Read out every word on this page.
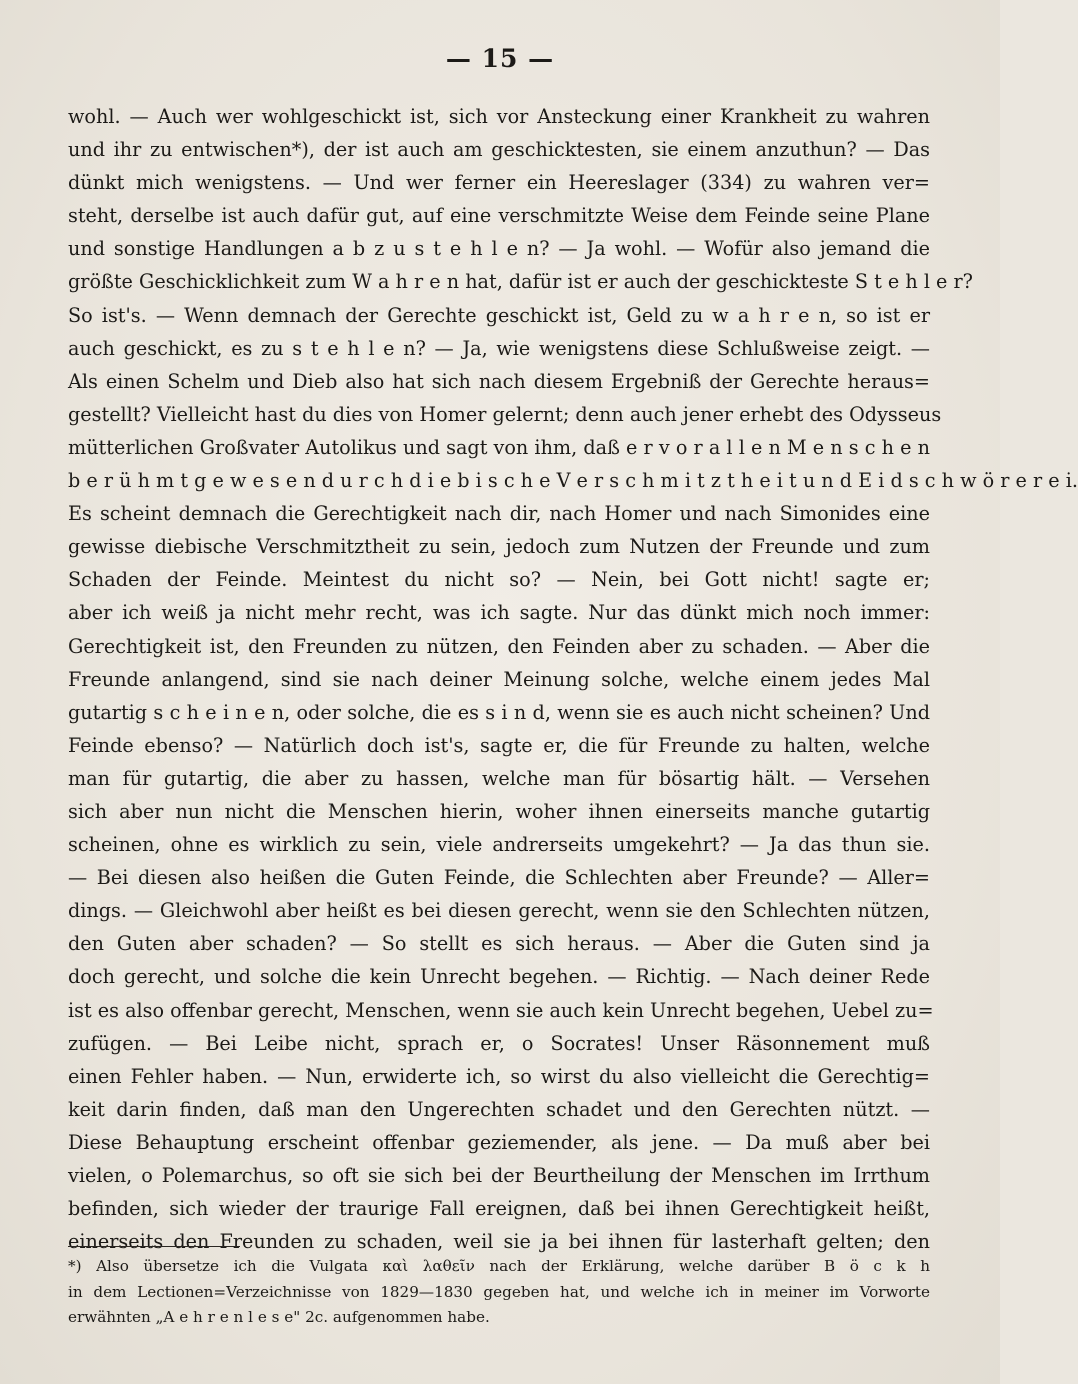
— 15 —
wohl. — Auch wer wohlgeschickt ist, sich vor Ansteckung einer Krankheit zu wahren
und ihr zu entwischen*), der ist auch am geschicktesten, sie einem anzuthun? — Das
dünkt mich wenigstens. — Und wer ferner ein Heereslager (334) zu wahren ver=
steht, derselbe ist auch dafür gut, auf eine verschmitzte Weise dem Feinde seine Plane
und sonstige Handlungen a b z u s t e h l e n? — Ja wohl. — Wofür also jemand die
größte Geschicklichkeit zum W a h r e n hat, dafür ist er auch der geschickteste S t e h l e r?
So ist's. — Wenn demnach der Gerechte geschickt ist, Geld zu w a h r e n, so ist er
auch geschickt, es zu s t e h l e n? — Ja, wie wenigstens diese Schlußweise zeigt. —
Als einen Schelm und Dieb also hat sich nach diesem Ergebniß der Gerechte heraus=
gestellt? Vielleicht hast du dies von Homer gelernt; denn auch jener erhebt des Odysseus
mütterlichen Großvater Autolikus und sagt von ihm, daß e r v o r a l l e n M e n s c h e n
b e r ü h m t g e w e s e n d u r c h d i e b i s c h e V e r s c h m i t z t h e i t u n d E i d s c h w ö r e r e i.
Es scheint demnach die Gerechtigkeit nach dir, nach Homer und nach Simonides eine
gewisse diebische Verschmitztheit zu sein, jedoch zum Nutzen der Freunde und zum
Schaden der Feinde. Meintest du nicht so? — Nein, bei Gott nicht! sagte er;
aber ich weiß ja nicht mehr recht, was ich sagte. Nur das dünkt mich noch immer:
Gerechtigkeit ist, den Freunden zu nützen, den Feinden aber zu schaden. — Aber die
Freunde anlangend, sind sie nach deiner Meinung solche, welche einem jedes Mal
gutartig s c h e i n e n, oder solche, die es s i n d, wenn sie es auch nicht scheinen? Und
Feinde ebenso? — Natürlich doch ist's, sagte er, die für Freunde zu halten, welche
man für gutartig, die aber zu hassen, welche man für bösartig hält. — Versehen
sich aber nun nicht die Menschen hierin, woher ihnen einerseits manche gutartig
scheinen, ohne es wirklich zu sein, viele andrerseits umgekehrt? — Ja das thun sie.
— Bei diesen also heißen die Guten Feinde, die Schlechten aber Freunde? — Aller=
dings. — Gleichwohl aber heißt es bei diesen gerecht, wenn sie den Schlechten nützen,
den Guten aber schaden? — So stellt es sich heraus. — Aber die Guten sind ja
doch gerecht, und solche die kein Unrecht begehen. — Richtig. — Nach deiner Rede
ist es also offenbar gerecht, Menschen, wenn sie auch kein Unrecht begehen, Uebel zu=
zufügen. — Bei Leibe nicht, sprach er, o Socrates! Unser Räsonnement muß
einen Fehler haben. — Nun, erwiderte ich, so wirst du also vielleicht die Gerechtig=
keit darin finden, daß man den Ungerechten schadet und den Gerechten nützt. —
Diese Behauptung erscheint offenbar geziemender, als jene. — Da muß aber bei
vielen, o Polemarchus, so oft sie sich bei der Beurtheilung der Menschen im Irrthum
befinden, sich wieder der traurige Fall ereignen, daß bei ihnen Gerechtigkeit heißt,
einerseits den Freunden zu schaden, weil sie ja bei ihnen für lasterhaft gelten; den
*) Also übersetze ich die Vulgata καὶ λαθεῖν nach der Erklärung, welche darüber B ö c k h
in dem Lectionen=Verzeichnisse von 1829—1830 gegeben hat, und welche ich in meiner im Vorworte
erwähnten „A e h r e n l e s e" 2c. aufgenommen habe.
